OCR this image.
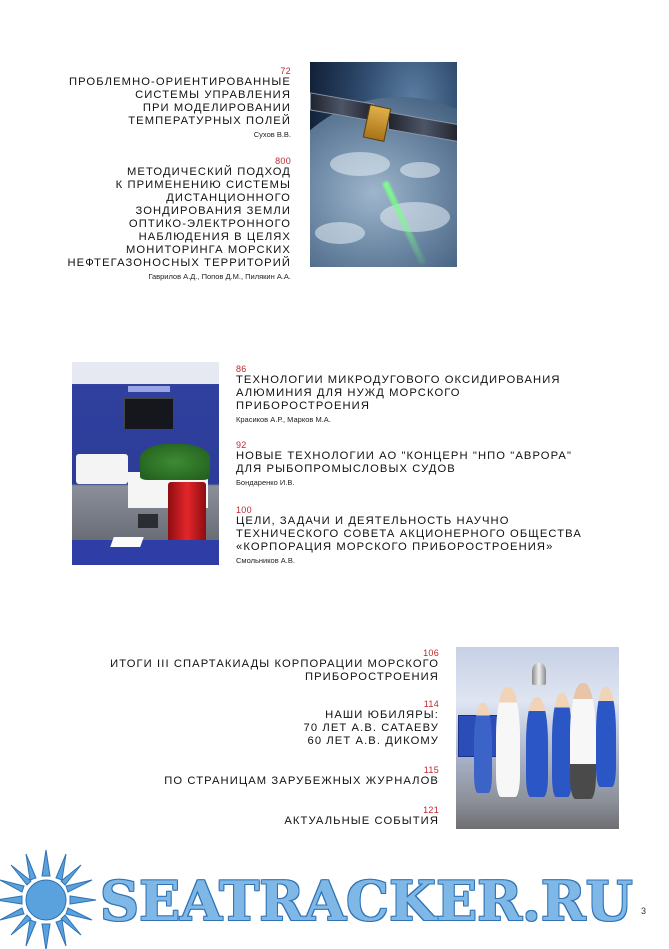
72
ПРОБЛЕМНО-ОРИЕНТИРОВАННЫЕ
СИСТЕМЫ УПРАВЛЕНИЯ
ПРИ МОДЕЛИРОВАНИИ
ТЕМПЕРАТУРНЫХ ПОЛЕЙ
Сухов В.В.
800
МЕТОДИЧЕСКИЙ ПОДХОД
К ПРИМЕНЕНИЮ СИСТЕМЫ
ДИСТАНЦИОННОГО
ЗОНДИРОВАНИЯ ЗЕМЛИ
ОПТИКО-ЭЛЕКТРОННОГО
НАБЛЮДЕНИЯ В ЦЕЛЯХ
МОНИТОРИНГА МОРСКИХ
НЕФТЕГАЗОНОСНЫХ ТЕРРИТОРИЙ
Гаврилов А.Д., Попов Д.М., Пилякин А.А.
86
ТЕХНОЛОГИИ МИКРОДУГОВОГО ОКСИДИРОВАНИЯ
АЛЮМИНИЯ ДЛЯ НУЖД МОРСКОГО
ПРИБОРОСТРОЕНИЯ
Красиков А.Р., Марков М.А.
92
НОВЫЕ ТЕХНОЛОГИИ АО "КОНЦЕРН "НПО "АВРОРА"
ДЛЯ РЫБОПРОМЫСЛОВЫХ СУДОВ
Бондаренко И.В.
100
ЦЕЛИ, ЗАДАЧИ И ДЕЯТЕЛЬНОСТЬ НАУЧНО
ТЕХНИЧЕСКОГО СОВЕТА АКЦИОНЕРНОГО ОБЩЕСТВА
«КОРПОРАЦИЯ МОРСКОГО ПРИБОРОСТРОЕНИЯ»
Смольников А.В.
106
ИТОГИ III СПАРТАКИАДЫ КОРПОРАЦИИ МОРСКОГО
ПРИБОРОСТРОЕНИЯ
114
НАШИ ЮБИЛЯРЫ:
70 ЛЕТ А.В. САТАЕВУ
60 ЛЕТ А.В. ДИКОМУ
115
ПО СТРАНИЦАМ ЗАРУБЕЖНЫХ ЖУРНАЛОВ
121
АКТУАЛЬНЫЕ СОБЫТИЯ
SEATRACKER.RU 3
